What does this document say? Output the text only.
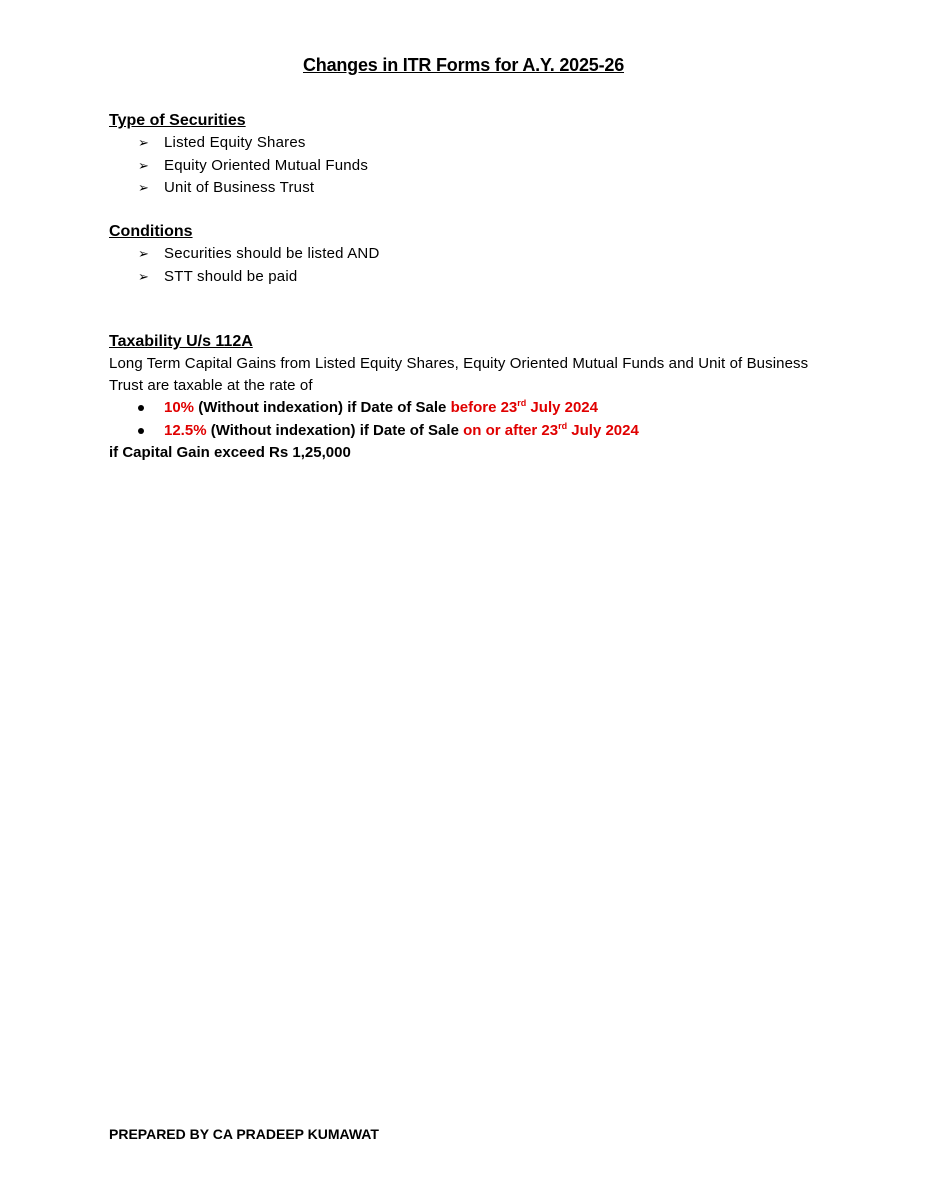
Changes in ITR Forms for A.Y. 2025-26
Type of Securities
➢ Listed Equity Shares
➢ Equity Oriented Mutual Funds
➢ Unit of Business Trust
Conditions
➢ Securities should be listed AND
➢ STT should be paid
Taxability U/s 112A
Long Term Capital Gains from Listed Equity Shares, Equity Oriented Mutual Funds and Unit of Business Trust are taxable at the rate of
10% (Without indexation) if Date of Sale before 23rd July 2024
12.5% (Without indexation) if Date of Sale on or after 23rd July 2024
if Capital Gain exceed Rs 1,25,000
PREPARED BY CA PRADEEP KUMAWAT
